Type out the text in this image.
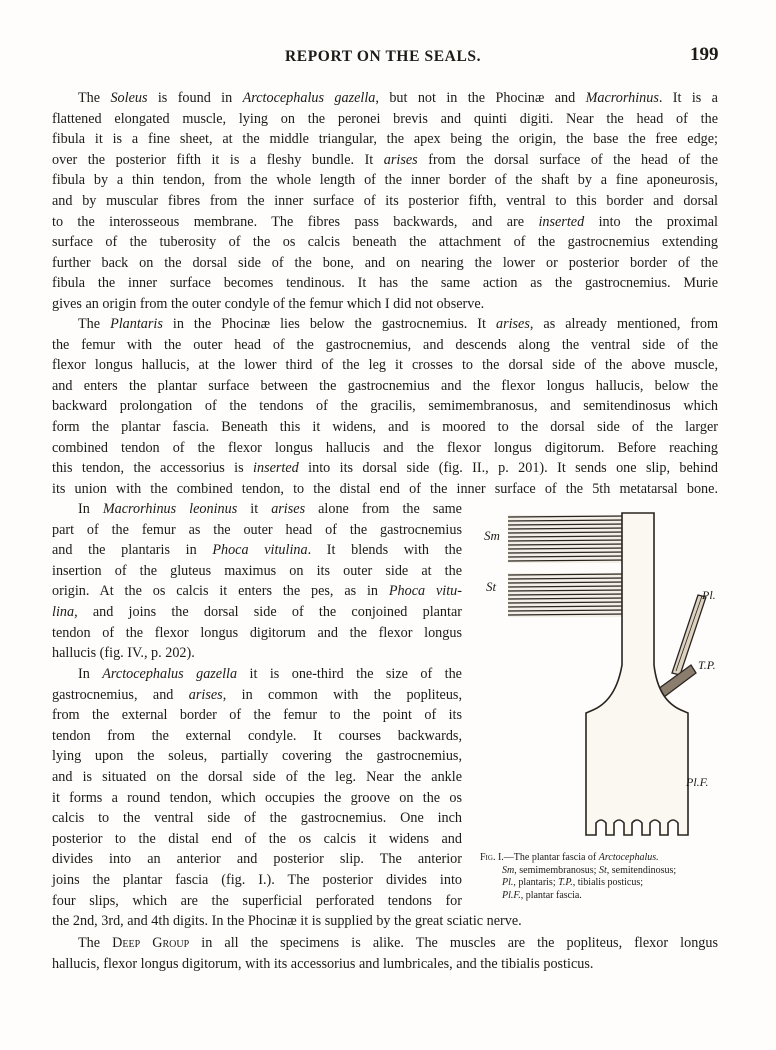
REPORT ON THE SEALS.	199
The Soleus is found in Arctocephalus gazella, but not in the Phocinæ and Macrorhinus. It is a
flattened elongated muscle, lying on the peronei brevis and quinti digiti. Near the head of the
fibula it is a fine sheet, at the middle triangular, the apex being the origin, the base the free edge;
over the posterior fifth it is a fleshy bundle. It arises from the dorsal surface of the head of the
fibula by a thin tendon, from the whole length of the inner border of the shaft by a fine aponeurosis,
and by muscular fibres from the inner surface of its posterior fifth, ventral to this border and dorsal
to the interosseous membrane. The fibres pass backwards, and are inserted into the proximal
surface of the tuberosity of the os calcis beneath the attachment of the gastrocnemius extending
further back on the dorsal side of the bone, and on nearing the lower or posterior border of the
fibula the inner surface becomes tendinous. It has the same action as the gastrocnemius. Murie
gives an origin from the outer condyle of the femur which I did not observe.
The Plantaris in the Phocinæ lies below the gastrocnemius. It arises, as already mentioned, from
the femur with the outer head of the gastrocnemius, and descends along the ventral side of the
flexor longus hallucis, at the lower third of the leg it crosses to the dorsal side of the above muscle,
and enters the plantar surface between the gastrocnemius and the flexor longus hallucis, below the
backward prolongation of the tendons of the gracilis, semimembranosus, and semitendinosus which
form the plantar fascia. Beneath this it widens, and is moored to the dorsal side of the larger
combined tendon of the flexor longus hallucis and the flexor longus digitorum. Before reaching
this tendon, the accessorius is inserted into its dorsal side (fig. II., p. 201). It sends one slip, behind
its union with the combined tendon, to the distal end of the inner surface of the 5th metatarsal bone.
In Macrorhinus leoninus it arises alone from the same
part of the femur as the outer head of the gastrocnemius
and the plantaris in Phoca vitulina. It blends with the
insertion of the gluteus maximus on its outer side at the
origin. At the os calcis it enters the pes, as in Phoca vitu-
lina, and joins the dorsal side of the conjoined plantar
tendon of the flexor longus digitorum and the flexor longus
hallucis (fig. IV., p. 202).
In Arctocephalus gazella it is one-third the size of the
gastrocnemius, and arises, in common with the popliteus,
from the external border of the femur to the point of its
tendon from the external condyle. It courses backwards,
lying upon the soleus, partially covering the gastrocnemius,
and is situated on the dorsal side of the leg. Near the ankle
it forms a round tendon, which occupies the groove on the os
calcis to the ventral side of the gastrocnemius. One inch
posterior to the distal end of the os calcis it widens and
divides into an anterior and posterior slip. The anterior
joins the plantar fascia (fig. I.). The posterior divides into
four slips, which are the superficial perforated tendons for
the 2nd, 3rd, and 4th digits. In the Phocinæ it is supplied by the great sciatic nerve.
The Deep Group in all the specimens is alike. The muscles are the popliteus, flexor longus
hallucis, flexor longus digitorum, with its accessorius and lumbricales, and the tibialis posticus.
Sm
St
Pl.
T.P.
Pl.F.
Fig. I.—The plantar fascia of Arctocephalus.
Sm, semimembranosus; St, semitendinosus;
Pl., plantaris; T.P., tibialis posticus;
Pl.F., plantar fascia.
